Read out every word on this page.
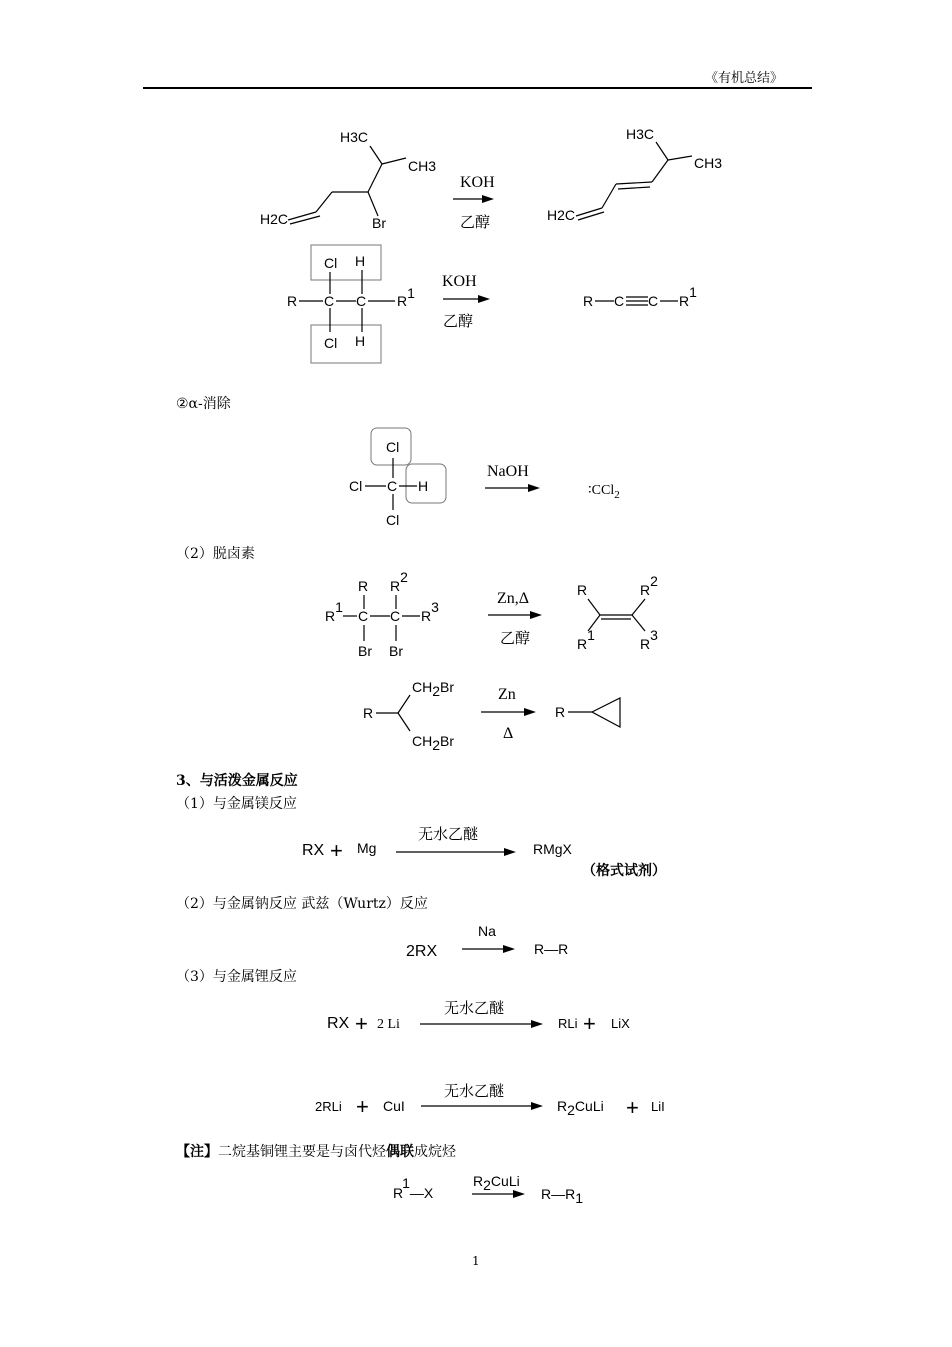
《有机总结》
H3C
CH3
Br
H2C
KOH
乙醇
H3C
CH3
H2C
Cl H
Cl H
R C C R1
KOH
乙醇
R C C R1
②α-消除
Cl
Cl C H
Cl
NaOH
∶CCl$_2$
（2）脱卤素
R R2
R1
C C R3
Br Br
Zn,Δ
乙醇
R	R2
R1
R3
CH2Br
R
CH2Br
Zn
Δ
R
3、与活泼金属反应
（1）与金属镁反应
RX + Mg
无水乙醚
RMgX
（格式试剂）
（2）与金属钠反应 武兹（Wurtz）反应
Na
2RX	R—R
（3）与金属锂反应
无水乙醚
RX + 2 Li	RLi + LiX
无水乙醚
2RLi + CuI	R2CuLi + LiI
【注】二烷基铜锂主要是与卤代烃偶联成烷烃
R2CuLi
R1—X	R—R1
1
